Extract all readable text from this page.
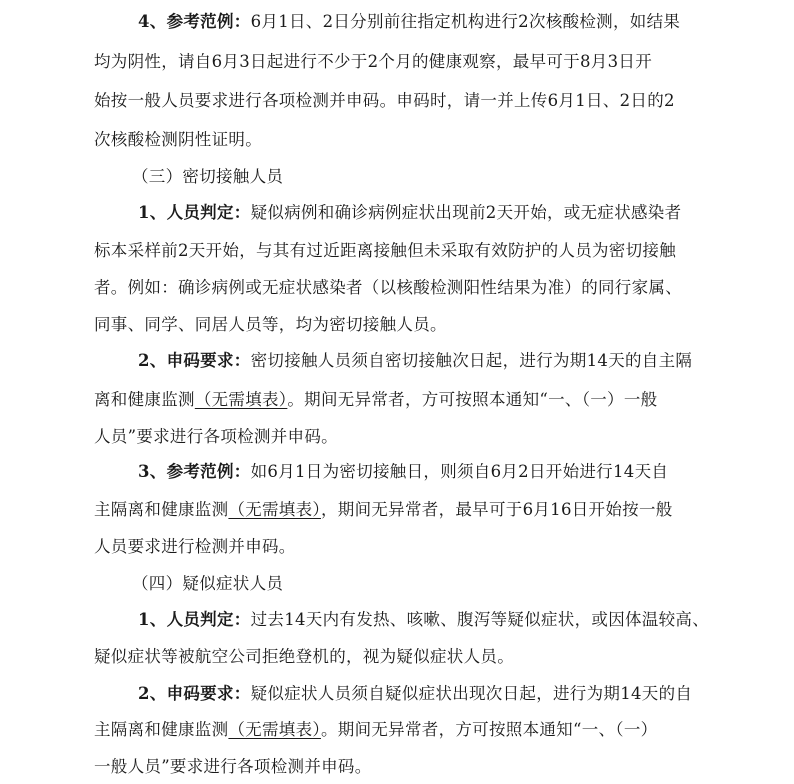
4、参考范例：6月1日、2日分别前往指定机构进行2次核酸检测，如结果
均为阴性，请自6月3日起进行不少于2个月的健康观察，最早可于8月3日开
始按一般人员要求进行各项检测并申码。申码时，请一并上传6月1日、2日的2
次核酸检测阴性证明。
（三）密切接触人员
1、人员判定：疑似病例和确诊病例症状出现前2天开始，或无症状感染者
标本采样前2天开始，与其有过近距离接触但未采取有效防护的人员为密切接触
者。例如：确诊病例或无症状感染者（以核酸检测阳性结果为准）的同行家属、
同事、同学、同居人员等，均为密切接触人员。
2、申码要求：密切接触人员须自密切接触次日起，进行为期14天的自主隔
离和健康监测（无需填表）。期间无异常者，方可按照本通知“一、（一）一般
人员”要求进行各项检测并申码。
3、参考范例：如6月1日为密切接触日，则须自6月2日开始进行14天自
主隔离和健康监测（无需填表），期间无异常者，最早可于6月16日开始按一般
人员要求进行检测并申码。
（四）疑似症状人员
1、人员判定：过去14天内有发热、咳嗽、腹泻等疑似症状，或因体温较高、
疑似症状等被航空公司拒绝登机的，视为疑似症状人员。
2、申码要求：疑似症状人员须自疑似症状出现次日起，进行为期14天的自
主隔离和健康监测（无需填表）。期间无异常者，方可按照本通知“一、（一）
一般人员”要求进行各项检测并申码。
